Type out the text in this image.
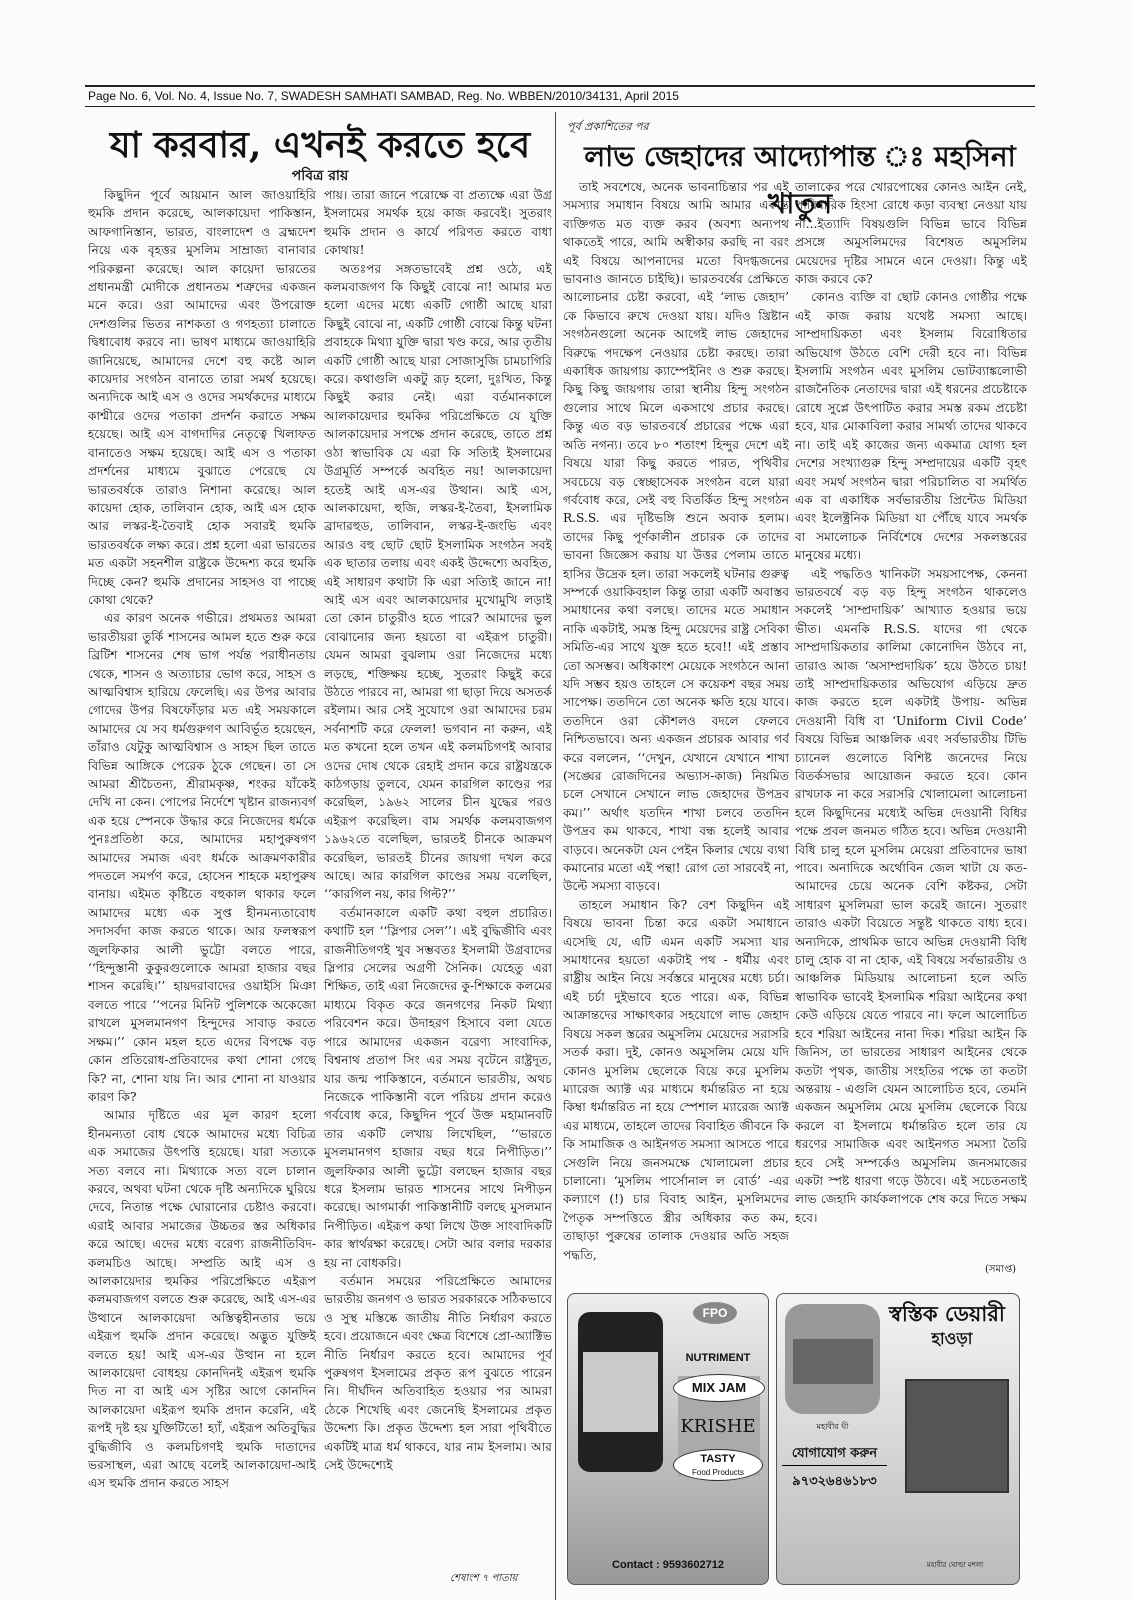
Page No. 6, Vol. No. 4, Issue No. 7, SWADESH SAMHATI SAMBAD, Reg. No. WBBEN/2010/34131, April 2015
যা করবার, এখনই করতে হবে
পবিত্র রায়

কিছুদিন পূর্বে আয়মান আল জাওয়াহিরি হুমকি প্রদান করেছে, আলকায়েদা পাকিস্তান, আফগানিস্তান, ভারত, বাংলাদেশ ও ব্রহ্মদেশ নিয়ে এক বৃহত্তর মুসলিম সাম্রাজ্য বানাবার পরিকল্পনা করেছে। আল কায়েদা ভারতের প্রধানমন্ত্রী মোদীকে প্রধানতম শত্রুদের একজন মনে করে। ওরা আমাদের এবং উপরোক্ত দেশগুলির ভিতর নাশকতা ও গণহত্যা চালাতে দ্বিধাবোধ করবে না। ভাষণ মাধ্যমে জাওয়াহিরি জানিয়েছে, আমাদের দেশে বহু কষ্টে আল কায়েদার সংগঠন বানাতে তারা সমর্থ হয়েছে। অন্যদিকে আই এস ও ওদের সমর্থকদের মাধ্যমে কাশ্মীরে ওদের পতাকা প্রদর্শন করাতে সক্ষম হয়েছে। আই এস বাগদাদির নেতৃত্বে খিলাফত বানাতেও সক্ষম হয়েছে। আই এস ও পতাকা প্রদর্শনের মাধ্যমে বুঝাতে পেরেছে যে ভারতবর্ষকে তারাও নিশানা করেছে। আল কায়েদা হোক, তালিবান হোক, আই এস হোক আর লস্কর-ই-তৈবাই হোক সবারই হুমকি ভারতবর্ষকে লক্ষ্য করে। প্রশ্ন হলো এরা ভারতের মত একটা সহনশীল রাষ্ট্রকে উদ্দেশ্য করে হুমকি দিচ্ছে কেন? হুমকি প্রদানের সাহসও বা পাচ্ছে কোথা থেকে?

এর কারণ অনেক গভীরে। প্রথমতঃ আমরা ভারতীয়রা তুর্কি শাসনের আমল হতে শুরু করে ব্রিটিশ শাসনের শেষ ভাগ পর্যন্ত পরাধীনতায় থেকে, শাসন ও অত্যাচার ভোগ করে, সাহস ও আত্মবিশ্বাস হারিয়ে ফেলেছি। এর উপর আবার গোদের উপর বিষফোঁড়ার মত এই সময়কালে আমাদের যে সব ধর্মগুরুগণ আবির্ভূত হয়েছেন, তাঁরাও যেটুকু আত্মবিশ্বাস ও সাহস ছিল তাতে বিভিন্ন আঙ্গিকে পেরেক ঠুকে গেছেন। তা সে আমরা শ্রীচৈতন্য, শ্রীরামকৃষ্ণ, শংকর যাঁকেই দেখি না কেন। পোপের নির্দেশে খৃষ্টান রাজন্যবর্গ এক হয়ে স্পেনকে উদ্ধার করে নিজেদের ধর্মকে পুনঃপ্রতিষ্ঠা করে, আমাদের মহাপুরুষগণ আমাদের সমাজ এবং ধর্মকে আক্রমণকারীর পদতলে সমর্পণ করে, হোসেন শাহকে মহাপুরুষ বানায়। এইমত কৃষ্টিতে বহুকাল থাকার ফলে আমাদের মধ্যে এক সুপ্ত হীনমন্যতাবোধ সদাসর্বদা কাজ করতে থাকে। আর ফলস্বরূপ জুলফিকার আলী ভুট্টো বলতে পারে, ‘‘হিন্দুস্তানী কুকুরগুলোকে আমরা হাজার বছর শাসন করেছি।’’ হায়দরাবাদের ওয়াইসি মিঞা বলতে পারে ‘‘পনের মিনিট পুলিশকে অকেজো রাখলে মুসলমানগণ হিন্দুদের সাবাড় করতে সক্ষম।’’ কোন মহল হতে এদের বিপক্ষে বড় কোন প্রতিরোধ-প্রতিবাদের কথা শোনা গেছে কি? না, শোনা যায় নি। আর শোনা না যাওয়ার কারণ কি?

আমার দৃষ্টিতে এর মূল কারণ হলো হীনমন্যতা বোধ থেকে আমাদের মধ্যে বিচিত্র এক সমাজের উৎপত্তি হয়েছে। যারা সত্যকে সত্য বলবে না। মিথ্যাকে সত্য বলে চালান করবে, অথবা ঘটনা থেকে দৃষ্টি অন্যদিকে ঘুরিয়ে দেবে, নিতান্ত পক্ষে ঘোরানোর চেষ্টাও করবো। এরাই আবার সমাজের উচ্চতর স্তর অধিকার করে আছে। এদের মধ্যে বরেণ্য রাজনীতিবিদ-কলমচিও আছে। সম্প্রতি আই এস ও আলকায়েদার হুমকির পরিপ্রেক্ষিতে এইরূপ কলমবাজগণ বলতে শুরু করেছে, আই এস-এর উত্থানে আলকায়েদা অস্তিত্বহীনতার ভয়ে এইরূপ হুমকি প্রদান করেছে। অদ্ভুত যুক্তিই বলতে হয়! আই এস-এর উত্থান না হলে আলকায়েদা বোধহয় কোনদিনই এইরূপ হুমকি দিত না বা আই এস সৃষ্টির আগে কোনদিন আলকায়েদা এইরূপ হুমকি প্রদান করেনি, এই রূপই দৃষ্ট হয় যুক্তিটিতে! হ্যাঁ, এইরূপ অতিবুদ্ধির বুদ্ধিজীবি ও কলমচিগণই হুমকি দাতাদের ভরসাস্থল, এরা আছে বলেই আলকায়েদা-আই এস হুমকি প্রদান করতে সাহস

পায়। তারা জানে পরোক্ষে বা প্রত্যক্ষে এরা উগ্র ইসলামের সমর্থক হয়ে কাজ করবেই। সুতরাং হুমকি প্রদান ও কার্যে পরিণত করতে বাধা কোথায়!

অতঃপর সঙ্গতভাবেই প্রশ্ন ওঠে, এই কলমবাজগণ কি কিছুই বোঝে না! আমার মত হলো এদের মধ্যে একটি গোষ্ঠী আছে যারা কিছুই বোঝে না, একটি গোষ্ঠী বোঝে কিন্তু ঘটনা প্রবাহকে মিথ্যা যুক্তি দ্বারা খণ্ড করে, আর তৃতীয় একটি গোষ্ঠী আছে যারা সোজাসুজি চামচাগিরি করে। কথাগুলি একটু রূঢ় হলো, দুঃখিত, কিন্তু কিছুই করার নেই। এরা বর্তমানকালে আলকায়েদার হুমকির পরিপ্রেক্ষিতে যে যুক্তি আলকায়েদার সপক্ষে প্রদান করেছে, তাতে প্রশ্ন ওঠা স্বাভাবিক যে এরা কি সত্যিই ইসলামের উগ্রমূর্তি সম্পর্কে অবহিত নয়! আলকায়েদা হতেই আই এস-এর উত্থান। আই এস, আলকায়েদা, হুজি, লস্কর-ই-তৈবা, ইসলামিক ব্রাদারহুড, তালিবান, লস্কর-ই-জংভি এবং আরও বহু ছোট ছোট ইসলামিক সংগঠন সবই এক ছাতার তলায় এবং একই উদ্দেশ্যে অবহিত, এই সাধারণ কথাটা কি এরা সত্যিই জানে না! আই এস এবং আলকায়েদার মুখোমুখি লড়াই তো কোন চাতুরীও হতে পারে? আমাদের ভুল বোঝানোর জন্য হয়তো বা এইরূপ চাতুরী। যেমন আমরা বুঝলাম ওরা নিজেদের মধ্যে লড়ছে, শক্তিক্ষয় হচ্ছে, সুতরাং কিছুই করে উঠতে পারবে না, আমরা গা ছাড়া দিয়ে অসতর্ক রইলাম। আর সেই সুযোগে ওরা আমাদের চরম সর্বনাশটি করে ফেলল! ভগবান না করুন, এই মত কখনো হলে তখন এই কলমচিগণই আবার ওদের দোষ থেকে রেহাই প্রদান করে রাষ্ট্রযন্ত্রকে কাঠগড়ায় তুলবে, যেমন কারগিল কাণ্ডের পর করেছিল, ১৯৬২ সালের চীন যুদ্ধের পরও এইরূপ করেছিল। বাম সমর্থক কলমবাজগণ ১৯৬২তে বলেছিল, ভারতই চীনকে আক্রমণ করেছিল, ভারতই চীনের জায়গা দখল করে আছে। আর কারগিল কাণ্ডের সময় বলেছিল, ‘‘কারগিল নয়, কার গিল্ট?’’

বর্তমানকালে একটি কথা বহুল প্রচারিত। কথাটি হল ‘‘স্লিপার সেল’’। এই বুদ্ধিজীবি এবং রাজনীতিগণই খুব সম্ভবতঃ ইসলামী উগ্রবাদের স্লিপার সেলের অগ্রণী সৈনিক। যেহেতু এরা শিক্ষিত, তাই এরা নিজেদের কু-শিক্ষাকে কলমের মাধ্যমে বিকৃত করে জনগণের নিকট মিথ্যা পরিবেশন করে। উদাহরণ হিসাবে বলা যেতে পারে আমাদের একজন বরেণ্য সাংবাদিক, বিশ্বনাথ প্রতাপ সিং এর সময় বৃটেনে রাষ্ট্রদূত, যার জন্ম পাকিস্তানে, বর্তমানে ভারতীয়, অথচ নিজেকে পাকিস্তানী বলে পরিচয় প্রদান করেও গর্ববোধ করে, কিছুদিন পূর্বে উক্ত মহামানবটি তার একটি লেখায় লিখেছিল, ‘‘ভারতে মুসলমানগণ হাজার বছর ধরে নিপীড়িত।’’ জুলফিকার আলী ভুট্টো বলছেন হাজার বছর ধরে ইসলাম ভারত শাসনের সাথে নিপীড়ন করেছে। আগমার্কা পাকিস্তানীটি বলছে মুসলমান নিপীড়িত। এইরূপ কথা লিখে উক্ত সাংবাদিকটি কার স্বার্থরক্ষা করেছে। সেটা আর বলার দরকার হয় না বোধকরি।

বর্তমান সময়ের পরিপ্রেক্ষিতে আমাদের ভারতীয় জনগণ ও ভারত সরকারকে সঠিকভাবে ও সুস্থ মস্তিষ্কে জাতীয় নীতি নির্ধারণ করতে হবে। প্রয়োজনে এবং ক্ষেত্র বিশেষে প্রো-অ্যাক্টিভ নীতি নির্ধারণ করতে হবে। আমাদের পূর্ব পুরুষগণ ইসলামের প্রকৃত রূপ বুঝতে পারেন নি। দীর্ঘদিন অতিবাহিত হওয়ার পর আমরা ঠেকে শিখেছি এবং জেনেছি ইসলামের প্রকৃত উদ্দেশ্য কি। প্রকৃত উদ্দেশ্য হল সারা পৃথিবীতে একটিই মাত্র ধর্ম থাকবে, যার নাম ইসলাম। আর সেই উদ্দেশ্যেই

শেষাংশ ৭ পাতায়
পূর্ব প্রকাশিতের পর
লাভ জেহাদের আদ্যোপান্ত ঃ মহসিনা খাতুন

তাই সবশেষে, অনেক ভাবনাচিন্তার পর এই সমস্যার সমাধান বিষয়ে আমি আমার একান্ত ব্যক্তিগত মত ব্যক্ত করব (অবশ্য অন্যপথ থাকতেই পারে, আমি অস্বীকার করছি না বরং এই বিষয়ে আপনাদের মতো বিদগ্ধজনের ভাবনাও জানতে চাইছি)। ভারতবর্ষের প্রেক্ষিতে আলোচনার চেষ্টা করবো, এই ‘লাভ জেহাদ’ কে কিভাবে রুখে দেওয়া যায়। যদিও খ্রিষ্টান সংগঠনগুলো অনেক আগেই লাভ জেহাদের বিরুদ্ধে পদক্ষেপ নেওয়ার চেষ্টা করছে। তারা একাধিক জায়গায় ক্যাম্পেইনিং ও শুরু করছে। কিছু কিছু জায়গায় তারা স্থানীয় হিন্দু সংগঠন গুলোর সাথে মিলে একসাথে প্রচার করছে। কিন্তু এত বড় ভারতবর্ষে প্রচারের পক্ষে এরা অতি নগন্য। তবে ৮০ শতাংশ হিন্দুর দেশে এই বিষয়ে যারা কিছু করতে পারত, পৃথিবীর সবচেয়ে বড় স্বেচ্ছাসেবক সংগঠন বলে যারা গর্ববোধ করে, সেই বহু বিতর্কিত হিন্দু সংগঠন R.S.S. এর দৃষ্টিভঙ্গি শুনে অবাক হলাম। তাদের কিছু পূর্ণকালীন প্রচারক কে তাদের ভাবনা জিজ্ঞেস করায় যা উত্তর পেলাম তাতে হাসির উদ্রেক হল। তারা সকলেই ঘটনার গুরুত্ব সম্পর্কে ওয়াকিবহাল কিন্তু তারা একটি অবাস্তব সমাধানের কথা বলছে। তাদের মতে সমাধান নাকি একটাই, সমস্ত হিন্দু মেয়েদের রাষ্ট্র সেবিকা সমিতি-এর সাথে যুক্ত হতে হবে!! এই প্রস্তাব তো অসম্ভব। অধিকাংশ মেয়েকে সংগঠনে আনা যদি সম্ভব হয়ও তাহলে সে কয়েকশ বছর সময় সাপেক্ষ। ততদিনে তো অনেক ক্ষতি হয়ে যাবে। ততদিনে ওরা কৌশলও বদলে ফেলবে নিশ্চিতভাবে। অন্য একজন প্রচারক আবার গর্ব করে বললেন, ‘‘দেখুন, যেখানে যেখানে শাখা (সঙ্ঘের রোজদিনের অভ্যাস-কাজ) নিয়মিত চলে সেখানে সেখানে লাভ জেহাদের উপদ্রব কম।’’ অর্থাৎ যতদিন শাখা চলবে ততদিন উপদ্রব কম থাকবে, শাখা বন্ধ হলেই আবার বাড়বে। অনেকটা যেন পেইন কিলার খেয়ে ব্যথা কমানোর মতো এই পন্থা! রোগ তো সারবেই না, উল্টে সমস্যা বাড়বে।

তাহলে সমাধান কি? বেশ কিছুদিন এই বিষয়ে ভাবনা চিন্তা করে একটা সমাধানে এসেছি যে, এটি এমন একটি সমস্যা যার সমাধানের হয়তো একটাই পথ - ধর্মীয় এবং রাষ্ট্রীয় আইন নিয়ে সর্বস্তরে মানুষের মধ্যে চর্চা। এই চর্চা দুইভাবে হতে পারে। এক, বিভিন্ন আক্রান্তদের সাক্ষাৎকার সহযোগে লাভ জেহাদ বিষয়ে সকল স্তরের অমুসলিম মেয়েদের সরাসরি সতর্ক করা। দুই, কোনও অমুসলিম মেয়ে যদি কোনও মুসলিম ছেলেকে বিয়ে করে মুসলিম ম্যারেজ অ্যাক্ট এর মাধ্যমে ধর্মান্তরিত না হয়ে কিম্বা ধর্মান্তরিত না হয়ে স্পেশাল ম্যারেজ অ্যাক্ট এর মাধ্যমে, তাহলে তাদের বিবাহিত জীবনে কি কি সামাজিক ও আইনগত সমস্যা আসতে পারে সেগুলি নিয়ে জনসমক্ষে খোলামেলা প্রচার চালানো। ‘মুসলিম পার্সোনাল ল বোর্ড’ -এর কল্যাণে (!) চার বিবাহ আইন, মুসলিমদের পৈতৃক সম্পত্তিতে স্ত্রীর অধিকার কত কম, তাছাড়া পুরুষের তালাক দেওয়ার অতি সহজ পদ্ধতি,

তালাকের পরে খোরপোষের কোনও আইন নেই, পারিবারিক হিংসা রোধে কড়া ব্যবস্থা নেওয়া যায় না...ইত্যাদি বিষয়গুলি বিভিন্ন ভাবে বিভিন্ন প্রসঙ্গে অমুসলিমদের বিশেষত অমুসলিম মেয়েদের দৃষ্টির সামনে এনে দেওয়া। কিন্তু এই কাজ করবে কে?

কোনও ব্যক্তি বা ছোট কোনও গোষ্ঠীর পক্ষে এই কাজ করায় যথেষ্ট সমস্যা আছে। সাম্প্রদায়িকতা এবং ইসলাম বিরোধিতার অভিযোগ উঠতে বেশি দেরী হবে না। বিভিন্ন ইসলামি সংগঠন এবং মুসলিম ভোটব্যাঙ্কলোভী রাজনৈতিক নেতাদের দ্বারা এই ধরনের প্রচেষ্টাকে রোধে সুপ্লে উৎপাটিত করার সমস্ত রকম প্রচেষ্টা হবে, যার মোকাবিলা করার সামর্থ্য তাদের থাকবে না। তাই এই কাজের জন্য একমাত্র যোগ্য হল দেশের সংখ্যাগুরু হিন্দু সম্প্রদায়ের একটি বৃহৎ এবং সমর্থ সংগঠন দ্বারা পরিচালিত বা সমর্থিত এক বা একাধিক সর্বভারতীয় প্রিন্টেড মিডিয়া এবং ইলেক্ট্রনিক মিডিয়া যা পৌঁছে যাবে সমর্থক বা সমালোচক নির্বিশেষে দেশের সকলস্তরের মানুষের মধ্যে।

এই পদ্ধতিও খানিকটা সময়সাপেক্ষ, কেননা ভারতবর্ষে বড় বড় হিন্দু সংগঠন থাকলেও সকলেই ‘সাম্প্রদায়িক’ আখ্যাত হওয়ার ভয়ে ভীত। এমনকি R.S.S. যাদের গা থেকে সাম্প্রদায়িকতার কালিমা কোনোদিন উঠবে না, তারাও আজ ‘অসাম্প্রদায়িক’ হয়ে উঠতে চায়! তাই সাম্প্রদায়িকতার অভিযোগ এড়িয়ে দ্রুত কাজ করতে হলে একটাই উপায়- অভিন্ন দেওয়ানী বিধি বা ‘Uniform Civil Code’ বিষয়ে বিভিন্ন আঞ্চলিক এবং সর্বভারতীয় টিভি চ্যানেল গুলোতে বিশিষ্ট জনেদের নিয়ে বিতর্কসভার আয়োজন করতে হবে। কোন রাখঢাক না করে সরাসরি খোলামেলা আলোচনা হলে কিছুদিনের মধ্যেই অভিন্ন দেওয়ানী বিধির পক্ষে প্রবল জনমত গঠিত হবে। অভিন্ন দেওয়ানী বিধি চালু হলে মুসলিম মেয়েরা প্রতিবাদের ভাষা পাবে। অনাদিকে অর্থোবিন জেল খাটা যে কত- আমাদের চেয়ে অনেক বেশি কষ্টকর, সেটা সাধারণ মুসলিমরা ভাল করেই জানে। সুতরাং তারাও একটা বিয়েতে সন্তুষ্ট থাকতে বাধ্য হবে। অন্যদিকে, প্রাথমিক ভাবে অভিন্ন দেওয়ানী বিধি চালু হোক বা না হোক, এই বিষয়ে সর্বভারতীয় ও আঞ্চলিক মিডিয়ায় আলোচনা হলে অতি স্বাভাবিক ভাবেই ইসলামিক শরিয়া আইনের কথা কেউ এড়িয়ে যেতে পারবে না। ফলে আলোচিত হবে শরিয়া আইনের নানা দিক। শরিয়া আইন কি জিনিস, তা ভারতের সাধারণ আইনের থেকে কতটা পৃথক, জাতীয় সংহতির পক্ষে তা কতটা অন্তরায় - এগুলি যেমন আলোচিত হবে, তেমনি একজন অমুসলিম মেয়ে মুসলিম ছেলেকে বিয়ে করলে বা ইসলামে ধর্মান্তরিত হলে তার যে ধরণের সামাজিক এবং আইনগত সমস্যা তৈরি হবে সেই সম্পর্কেও অমুসলিম জনসমাজের একটা স্পষ্ট ধারণা গড়ে উঠবে। এই সচেতনতাই লাভ জেহাদি কার্যকলাপকে শেষ করে দিতে সক্ষম হবে।

(সমাপ্ত)
FPO
NUTRIMENT
MIX JAM
KRISHE
TASTY
Food Products
Contact : 9593602712
স্বস্তিক ডেয়ারী
হাওড়া
মহাবীর ঘী
যোগাযোগ করুন
৯৭৩২৬৪৬১৮৩
মহাবীর ঘোল্ডা মশলা
